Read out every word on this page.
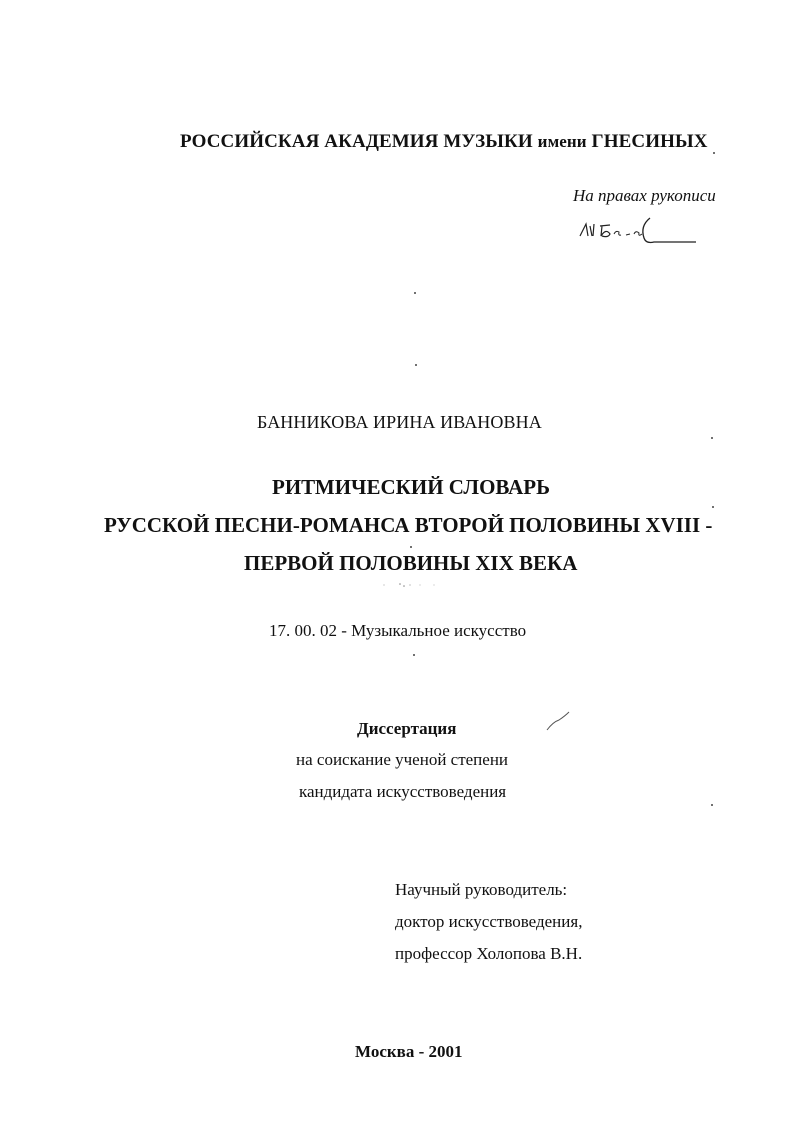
РОССИЙСКАЯ АКАДЕМИЯ МУЗЫКИ имени ГНЕСИНЫХ
На правах рукописи
БАННИКОВА ИРИНА ИВАНОВНА
РИТМИЧЕСКИЙ СЛОВАРЬ
РУССКОЙ ПЕСНИ-РОМАНСА ВТОРОЙ ПОЛОВИНЫ XVIII -
ПЕРВОЙ ПОЛОВИНЫ XIX ВЕКА
17. 00. 02 - Музыкальное искусство
Диссертация
на соискание ученой степени
кандидата искусствоведения
Научный руководитель:
доктор искусствоведения,
профессор Холопова В.Н.
Москва - 2001
